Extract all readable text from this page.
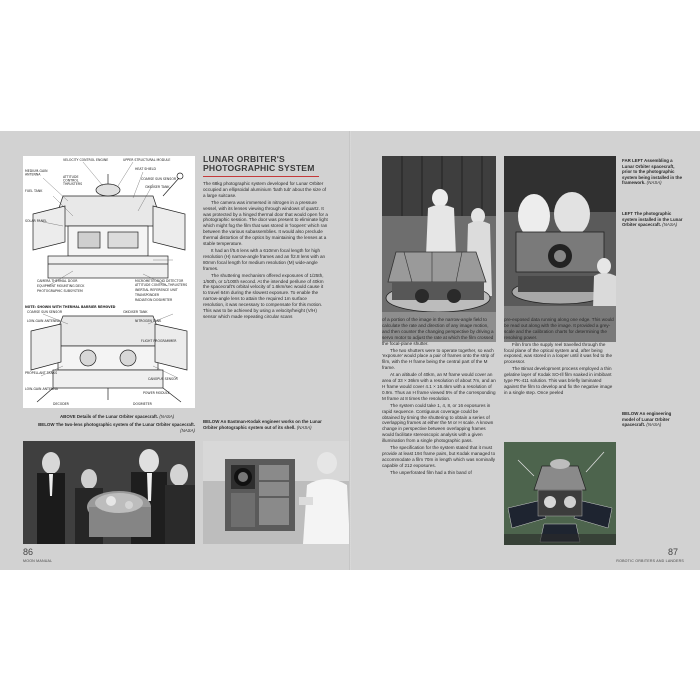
VELOCITY CONTROL ENGINE	UPPER STRUCTURAL MODULE
MEDIUM-GAIN
ANTENNA
HEAT SHIELD
COARSE SUN SENSOR
ATTITUDE
CONTROL
THRUSTERS
OXIDISER TANK
FUEL TANK
SOLAR PANEL
CAMERA THERMAL DOOR	MICROMETEOROID DETECTOR
ATTITUDE CONTROL THRUSTERS
EQUIPMENT MOUNTING DECK
PHOTOGRAPHIC SUBSYSTEM	INERTIAL REFERENCE UNIT
TRANSPONDER
RADIATION DOSIMETER
NOTE: SHOWN WITH THERMAL BARRIER REMOVED
COARSE SUN SENSOR	OXIDISER TANK
LOW-GAIN ANTENNA	NITROGEN TANK
FLIGHT PROGRAMMER
PROPELLANT TANKS
CANOPUS SENSOR
LOW-GAIN ANTENNA
POWER MODULE
DECODER	DOSIMETER
LUNAR ORBITER'S
PHOTOGRAPHIC SYSTEM

The 68kg photographic system developed for Lunar Orbiter occupied an ellipsoidal aluminium 'bath tub' about the size of a large suitcase.

The camera was immersed in nitrogen in a pressure vessel, with its lenses viewing through windows of quartz. It was protected by a hinged thermal door that would open for a photographic session. The door was present to eliminate light which might fog the film that was stored in 'loopers' which ran between the various subassemblies. It would also preclude thermal distortion of the optics by maintaining the lenses at a stable temperature.

It had an f/5.6 lens with a 610mm focal length for high resolution (H) narrow-angle frames and an f/2.8 lens with an 80mm focal length for medium resolution (M) wide-angle frames.

The shuttering mechanism offered exposures of 1/25th, 1/50th, or 1/100th second. At the intended perilune of 40km the spacecraft's orbital velocity of 1.6km/sec would cause it to travel 64m during the slowest exposure. To enable the narrow-angle lens to attain the required 1m surface resolution, it was necessary to compensate for this motion. This was to be achieved by using a velocity/height (V/H) sensor which made repeating circular scans

ABOVE Details of the Lunar Orbiter spacecraft. (NASA)
BELOW The two-lens photographic system of the Lunar Orbiter spacecraft. (NASA)
BELOW An Eastman-Kodak engineer works on the Lunar Orbiter photographic system out of its shell. (NASA)
86
MOON MANUAL
FAR LEFT Assembling a Lunar Orbiter spacecraft, prior to the photographic system being installed in the framework. (NASA)
LEFT The photographic system installed in the Lunar Orbiter spacecraft. (NASA)
BELOW An engineering model of Lunar Orbiter spacecraft. (NASA)

of a portion of the image in the narrow-angle field to calculate the rate and direction of any image motion, and then counter the changing perspective by driving a servo motor to adjust the rate at which the film crossed the focal-plane shutter.

The two shutters were to operate together, so each 'exposure' would place a pair of frames onto the strip of film, with the H frame being the central part of the M frame.

At an altitude of 40km, an M frame would cover an area of 33 × 36km with a resolution of about 7m, and an H frame would cover 4.1 × 16.4km with a resolution of 0.9m. Thus an H frame viewed 5% of the corresponding M frame at 8 times the resolution.

The system could take 1, 4, 8, or 16 exposures in rapid sequence. Contiguous coverage could be obtained by timing the shuttering to obtain a series of overlapping frames at either the M or H scale. A known change in perspective between overlapping frames would facilitate stereoscopic analysis with a given illumination from a single photographic pass.

The specification for the system stated that it must provide at least 194 frame pairs, but Kodak managed to accommodate a film 70m in length which was nominally capable of 212 exposures.

The unperforated film had a thin band of

pre-exposed data running along one edge. This would be read out along with the image. It provided a grey-scale and the calibration charts for determining the resolving power.

Film from the supply reel travelled through the focal plane of the optical system and, after being exposed, was stored in a looper until it was fed to the processor.

The Bimat development process employed a thin gelatine layer of Kodak SO-Ill film soaked in imbibant type PK-411 solution. This was briefly laminated against the film to develop and fix the negative image in a single step. Once peeled

87
ROBOTIC ORBITERS AND LANDERS
